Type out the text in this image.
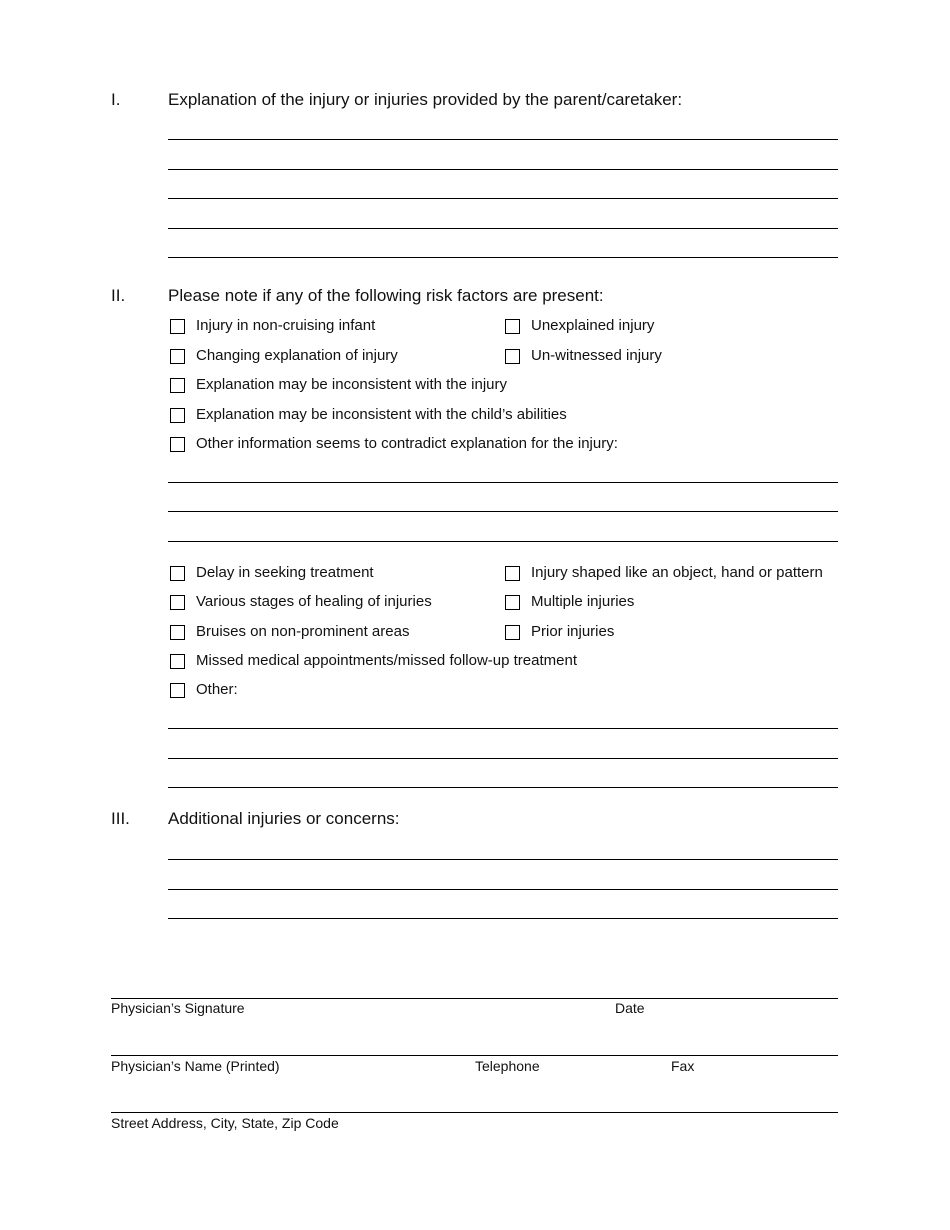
I.	Explanation of the injury or injuries provided by the parent/caretaker:
II.	Please note if any of the following risk factors are present:
Injury in non-cruising infant	Unexplained injury
Changing explanation of injury	Un-witnessed injury
Explanation may be inconsistent with the injury
Explanation may be inconsistent with the child’s abilities
Other information seems to contradict explanation for the injury:
Delay in seeking treatment	Injury shaped like an object, hand or pattern
Various stages of healing of injuries	Multiple injuries
Bruises on non-prominent areas	Prior injuries
Missed medical appointments/missed follow-up treatment
Other:
III. Additional injuries or concerns:
Physician’s Signature	Date
Physician’s Name (Printed)	Telephone	Fax
Street Address, City, State, Zip Code
